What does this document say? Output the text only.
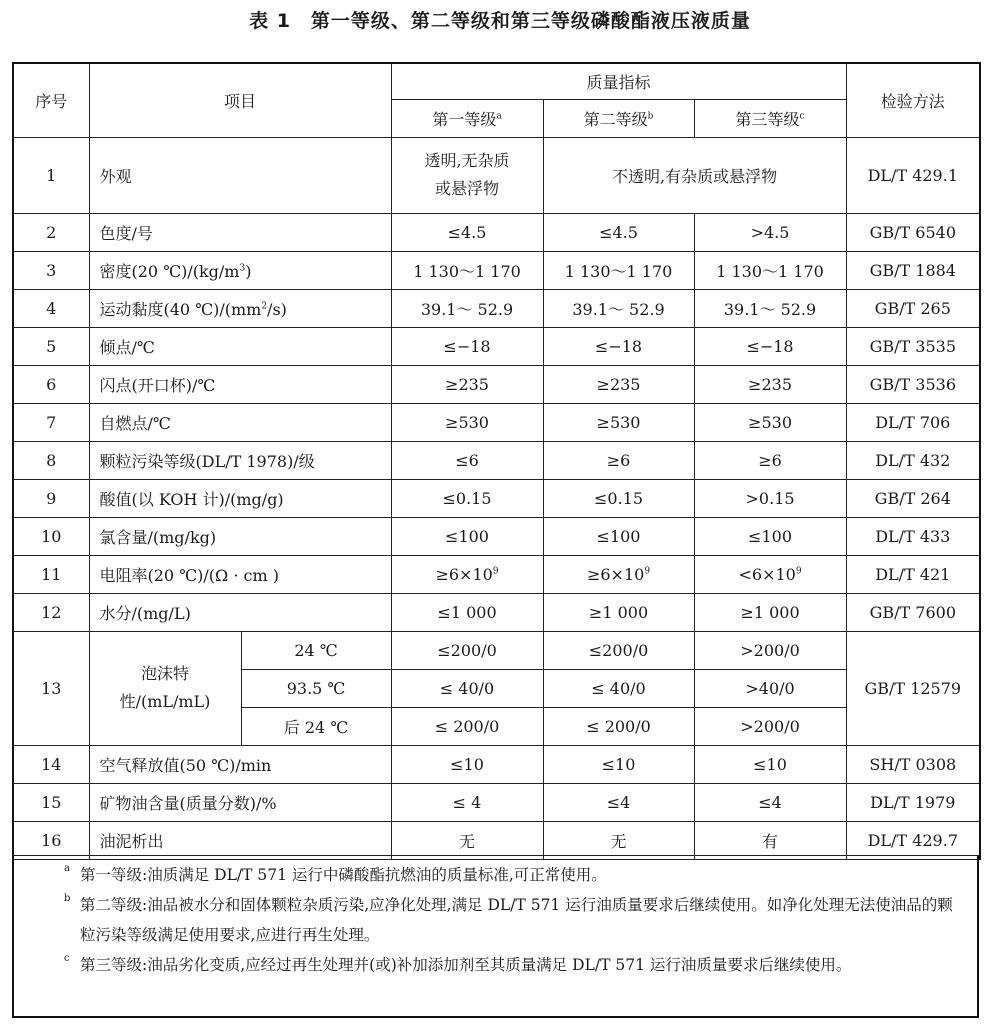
表 1　第一等级、第二等级和第三等级磷酸酯液压液质量
序号	项目		质量指标			检验方法
			第一等级$^a$	第二等级$^b$	第三等级$^c$
1	外观		透明,无杂质或悬浮物	不透明,有杂质或悬浮物		DL/T 429.1
2	色度/号		≤4.5	≤4.5	>4.5	GB/T 6540
3	密度(20 $℃)/(kg/m^3)$		1 130～1 170	1 130～1 170	1 130～1 170	GB/T 1884
4	运动黏度(40 $℃)/(mm^2/s)$		39.1～ 52.9	39.1～ 52.9	39.1～ 52.9	GB/T 265
5	倾点/℃		≤−18	≤−18	≤−18	GB/T 3535
6	闪点(开口杯)/℃		≥235	≥235	≥235	GB/T 3536
7	自燃点/℃		≥530	≥530	≥530	DL/T 706
8	颗粒污染等级(DL/T 1978)/级		≤6	≥6	≥6	DL/T 432
9	酸值(以 KOH 计)/(mg/g)		≤0.15	≤0.15	>0.15	GB/T 264
10	氯含量/(mg/kg)		≤100	≤100	≤100	DL/T 433
11	电阻率(20 ℃)/(Ω · cm )		$\ge 6\times 10^9$	$\ge 6\times 10^9$	$<6\times 10^9$	DL/T 421
12	水分/(mg/L)		≤1 000	≥1 000	≥1 000	GB/T 7600
13	泡沫特性/(mL/mL)	24 ℃	≤200/0	≤200/0	>200/0	GB/T 12579
		93.5 ℃	≤ 40/0	≤ 40/0	>40/0	
		后 24 ℃	≤ 200/0	≤ 200/0	>200/0	
14	空气释放值(50 ℃)/min		≤10	≤10	≤10	SH/T 0308
15	矿物油含量(质量分数)/%		≤ 4	≤4	≤4	DL/T 1979
16	油泥析出		无	无	有	DL/T 429.7
a 第一等级:油质满足 DL/T 571 运行中磷酸酯抗燃油的质量标准,可正常使用。
b 第二等级:油品被水分和固体颗粒杂质污染,应净化处理,满足 DL/T 571 运行油质量要求后继续使用。如净化处理无法使油品的颗粒污染等级满足使用要求,应进行再生处理。
c 第三等级:油品劣化变质,应经过再生处理并(或)补加添加剂至其质量满足 DL/T 571 运行油质量要求后继续使用。
